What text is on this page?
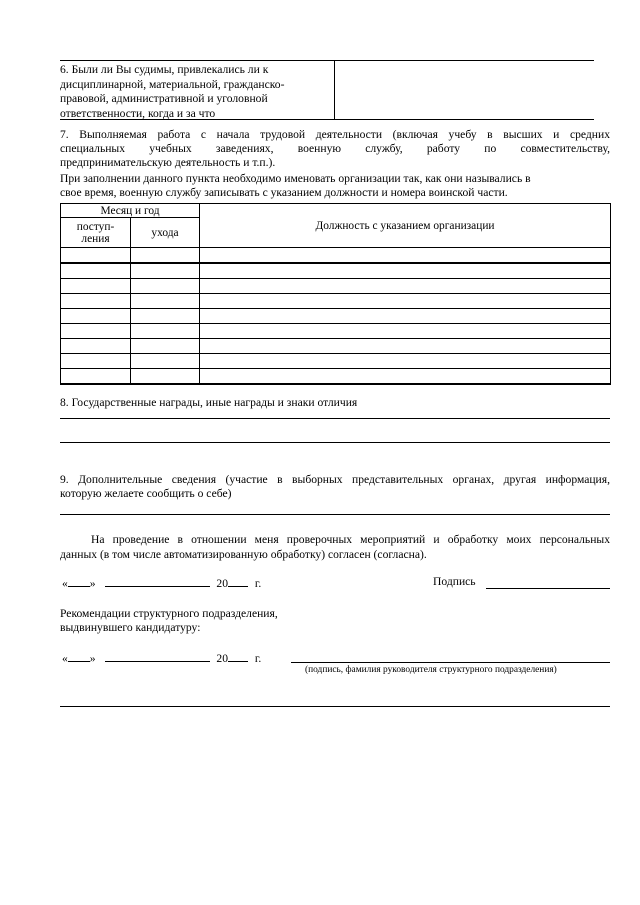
6. Были ли Вы судимы, привлекались ли к
дисциплинарной, материальной, гражданско-
правовой, административной и уголовной
ответственности, когда и за что
7. Выполняемая работа с начала трудовой деятельности (включая учебу в высших и средних
специальных учебных заведениях, военную службу, работу по совместительству,
предпринимательскую деятельность и т.п.).
При заполнении данного пункта необходимо именовать организации так, как они назывались в
свое время, военную службу записывать с указанием должности и номера воинской части.
Месяц и год		Должность с указанием организации
поступ-ления	ухода	

8. Государственные награды, иные награды и знаки отличия
9. Дополнительные сведения (участие в выборных представительных органах, другая информация,
которую желаете сообщить о себе)
На проведение в отношении меня проверочных мероприятий и обработку моих персональных
данных (в том числе автоматизированную обработку) согласен (согласна).
« »	20 г.	Подпись
Рекомендации структурного подразделения,
выдвинувшего кандидатуру:
« »	20 г.
(подпись, фамилия руководителя структурного подразделения)
